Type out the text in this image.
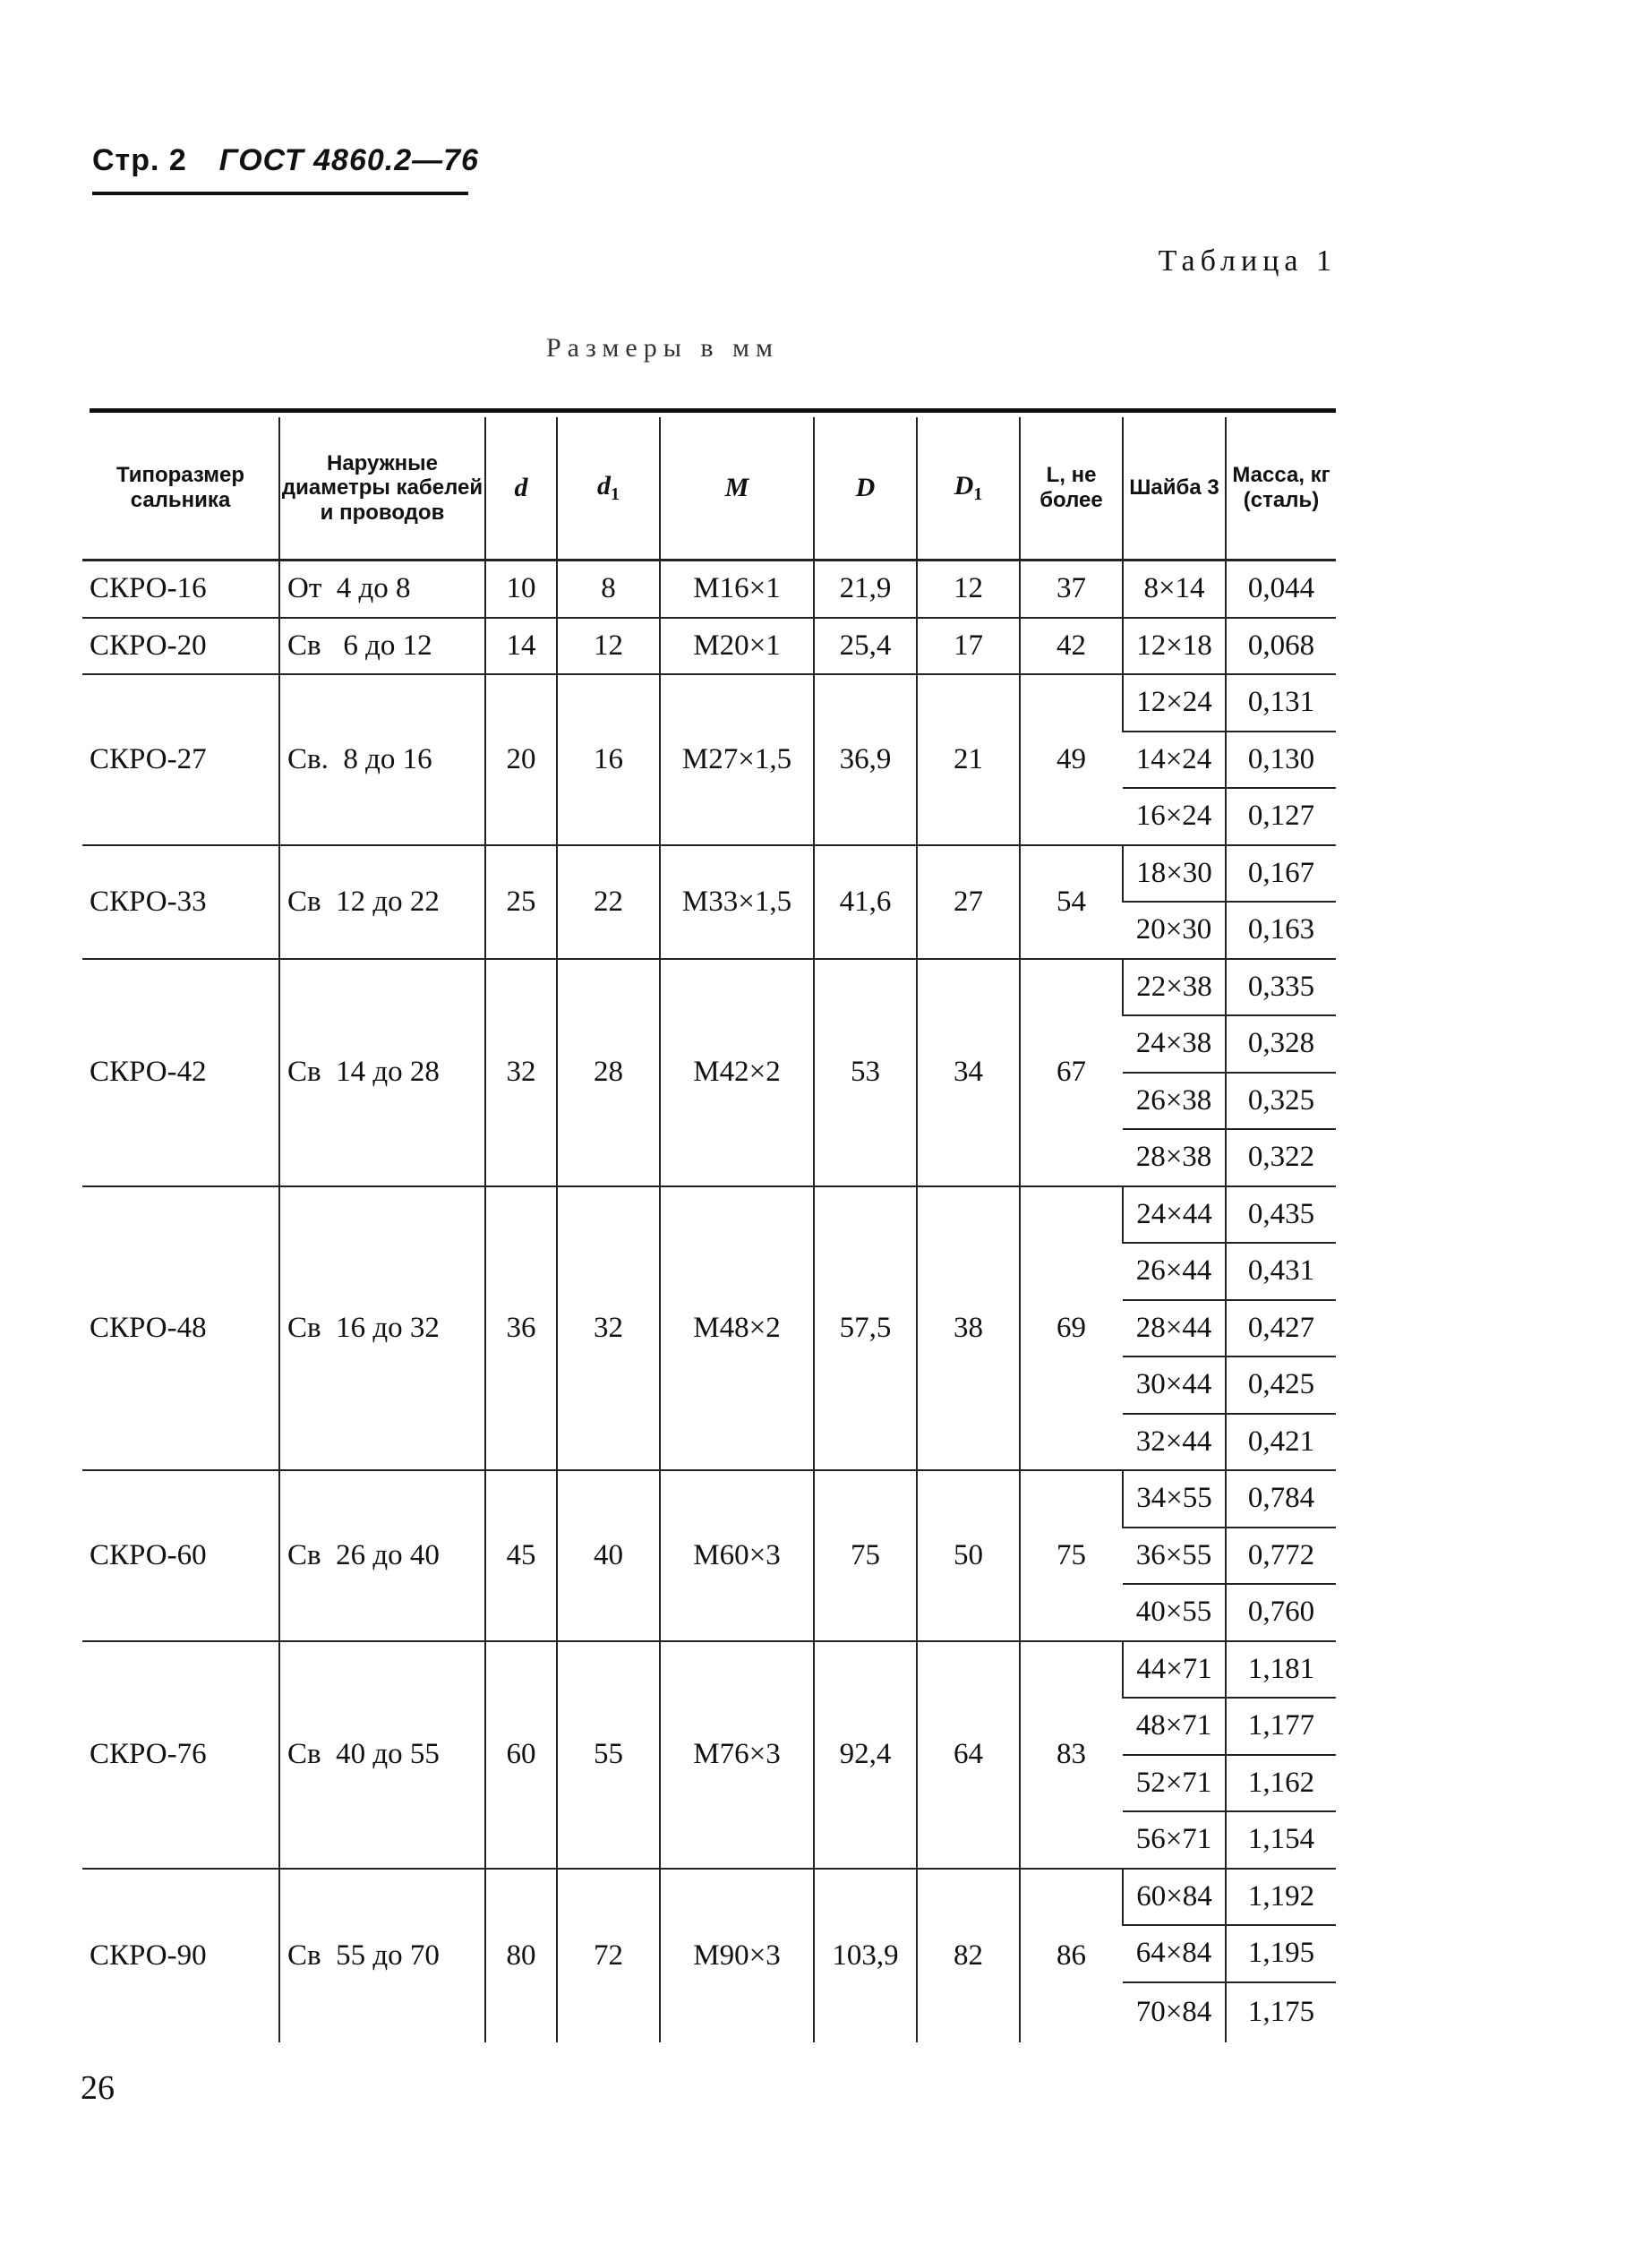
Стр. 2 ГОСТ 4860.2—76
Таблица 1
Размеры в мм
Типоразмер сальника	Наружные диаметры кабелей и проводов	d	$d_1$	M	D	$D_1$	L, не более	Шайба 3	Масса, кг (сталь)
СКРО-16	От  4 до 8	10	8	M16×1	21,9	12	37	8×14	0,044
СКРО-20	Св   6 до 12	14	12	M20×1	25,4	17	42	12×18	0,068
СКРО-27	Св.  8 до 16	20	16	M27×1,5	36,9	21	49	12×24	0,131
								14×24	0,130
								16×24	0,127
СКРО-33	Св  12 до 22	25	22	M33×1,5	41,6	27	54	18×30	0,167
								20×30	0,163
СКРО-42	Св  14 до 28	32	28	M42×2	53	34	67	22×38	0,335
								24×38	0,328
								26×38	0,325
								28×38	0,322
СКРО-48	Св  16 до 32	36	32	M48×2	57,5	38	69	24×44	0,435
								26×44	0,431
								28×44	0,427
								30×44	0,425
								32×44	0,421
СКРО-60	Св  26 до 40	45	40	M60×3	75	50	75	34×55	0,784
								36×55	0,772
								40×55	0,760
СКРО-76	Св  40 до 55	60	55	M76×3	92,4	64	83	44×71	1,181
								48×71	1,177
								52×71	1,162
								56×71	1,154
СКРО-90	Св  55 до 70	80	72	M90×3	103,9	82	86	60×84	1,192
								64×84	1,195
								70×84	1,175
26
